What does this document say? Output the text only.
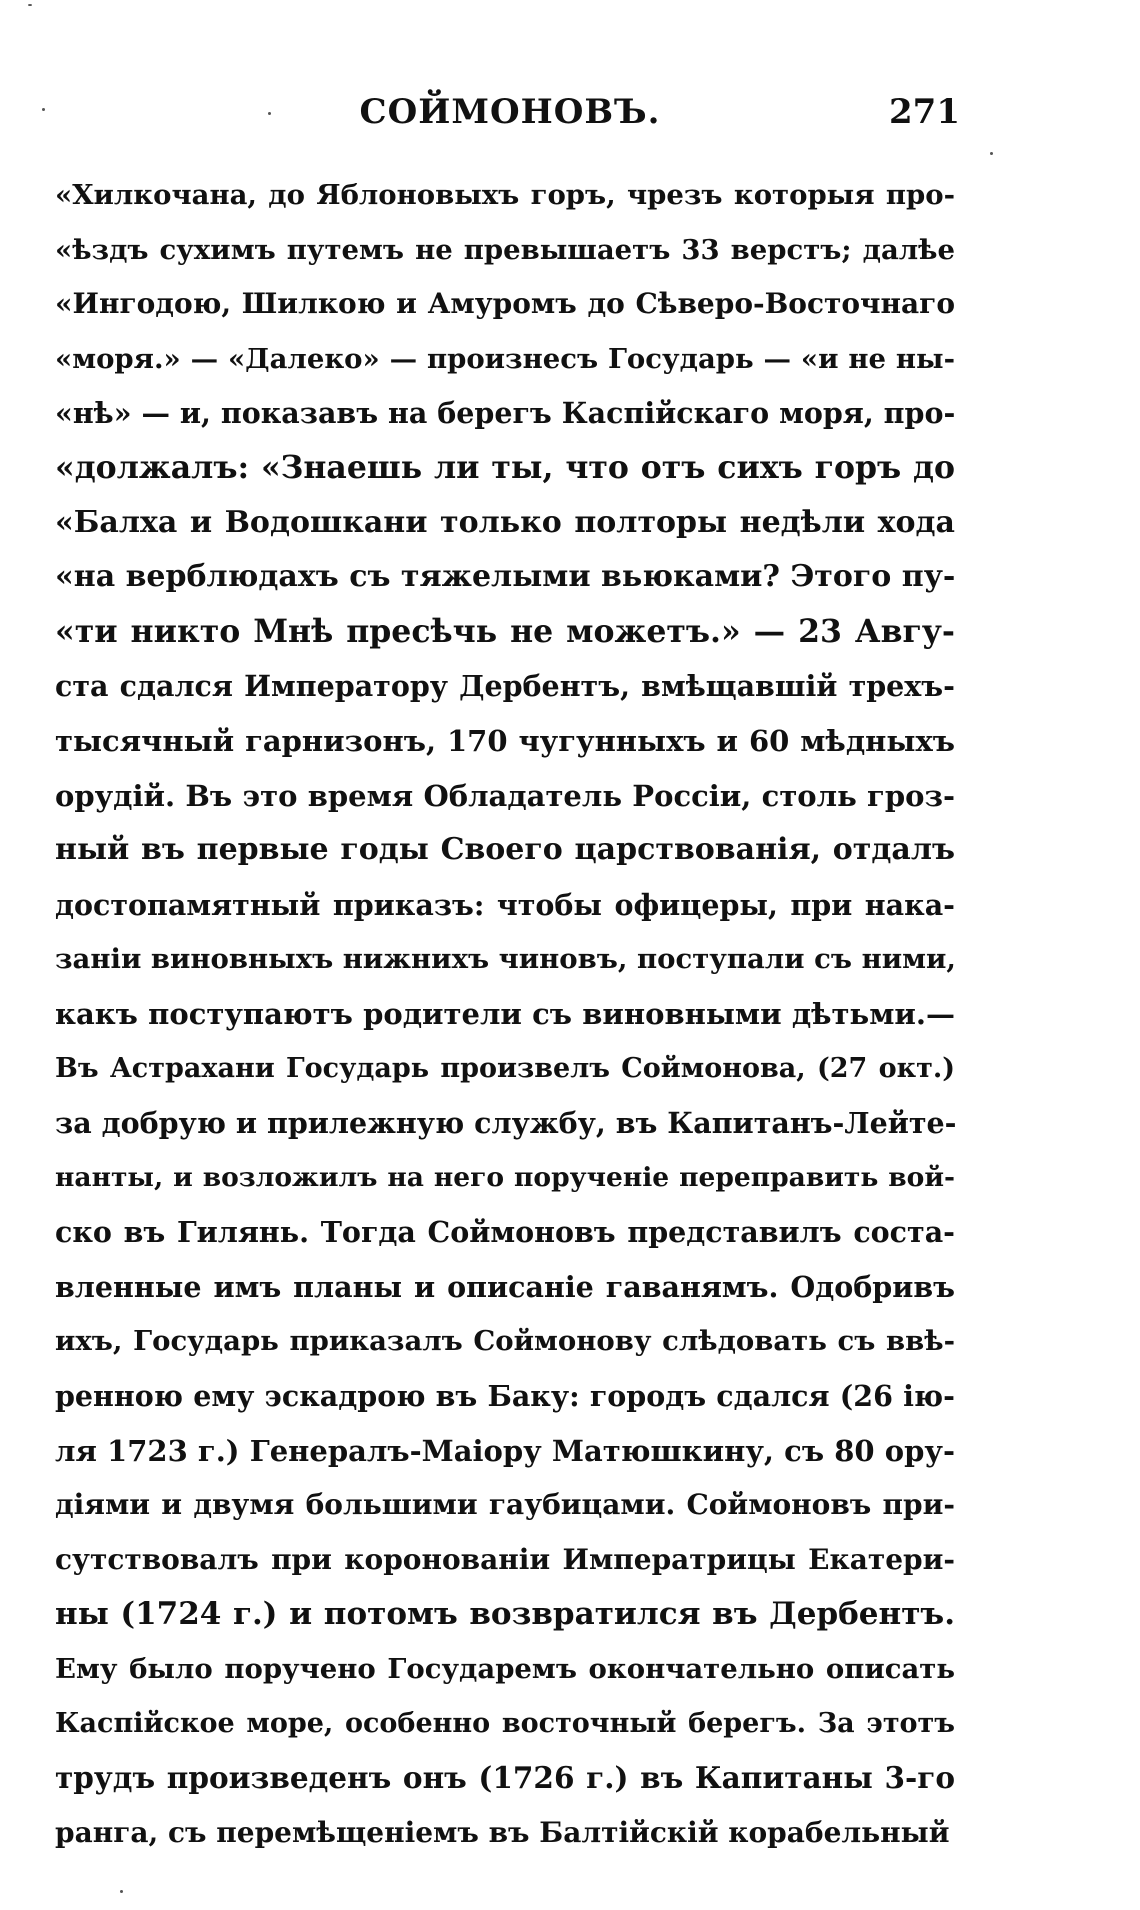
СОЙМОНОВЪ.	271
«Хилкочана, до Яблоновыхъ горъ, чрезъ которыя про-
«ѣздъ сухимъ путемъ не превышаетъ 33 верстъ; далѣе
«Ингодою, Шилкою и Амуромъ до Сѣверо-Восточнаго
«моря.» — «Далеко» — произнесъ Государь — «и не ны-
«нѣ» — и, показавъ на берегъ Каспійскаго моря, про-
«должалъ: «Знаешь ли ты, что отъ сихъ горъ до
«Балха и Водошкани только полторы недѣли хода
«на верблюдахъ съ тяжелыми вьюками? Этого пу-
«ти никто Мнѣ пресѣчь не можетъ.» — 23 Авгу-
ста сдался Императору Дербентъ, вмѣщавшій трехъ-
тысячный гарнизонъ, 170 чугунныхъ и 60 мѣдныхъ
орудій. Въ это время Обладатель Россіи, столь гроз-
ный въ первые годы Своего царствованія, отдалъ
достопамятный приказъ: чтобы офицеры, при нака-
заніи виновныхъ нижнихъ чиновъ, поступали съ ними,
какъ поступаютъ родители съ виновными дѣтьми.—
Въ Астрахани Государь произвелъ Соймонова, (27 окт.)
за добрую и прилежную службу, въ Капитанъ-Лейте-
нанты, и возложилъ на него порученіе переправить вой-
ско въ Гилянь. Тогда Соймоновъ представилъ соста-
вленные имъ планы и описаніе гаванямъ. Одобривъ
ихъ, Государь приказалъ Соймонову слѣдовать съ ввѣ-
ренною ему эскадрою въ Баку: городъ сдался (26 ію-
ля 1723 г.) Генералъ-Маіору Матюшкину, съ 80 ору-
діями и двумя большими гаубицами. Соймоновъ при-
сутствовалъ при коронованіи Императрицы Екатери-
ны (1724 г.) и потомъ возвратился въ Дербентъ.
Ему было поручено Государемъ окончательно описать
Каспійское море, особенно восточный берегъ. За этотъ
трудъ произведенъ онъ (1726 г.) въ Капитаны 3-го
ранга, съ перемѣщеніемъ въ Балтійскій корабельный
